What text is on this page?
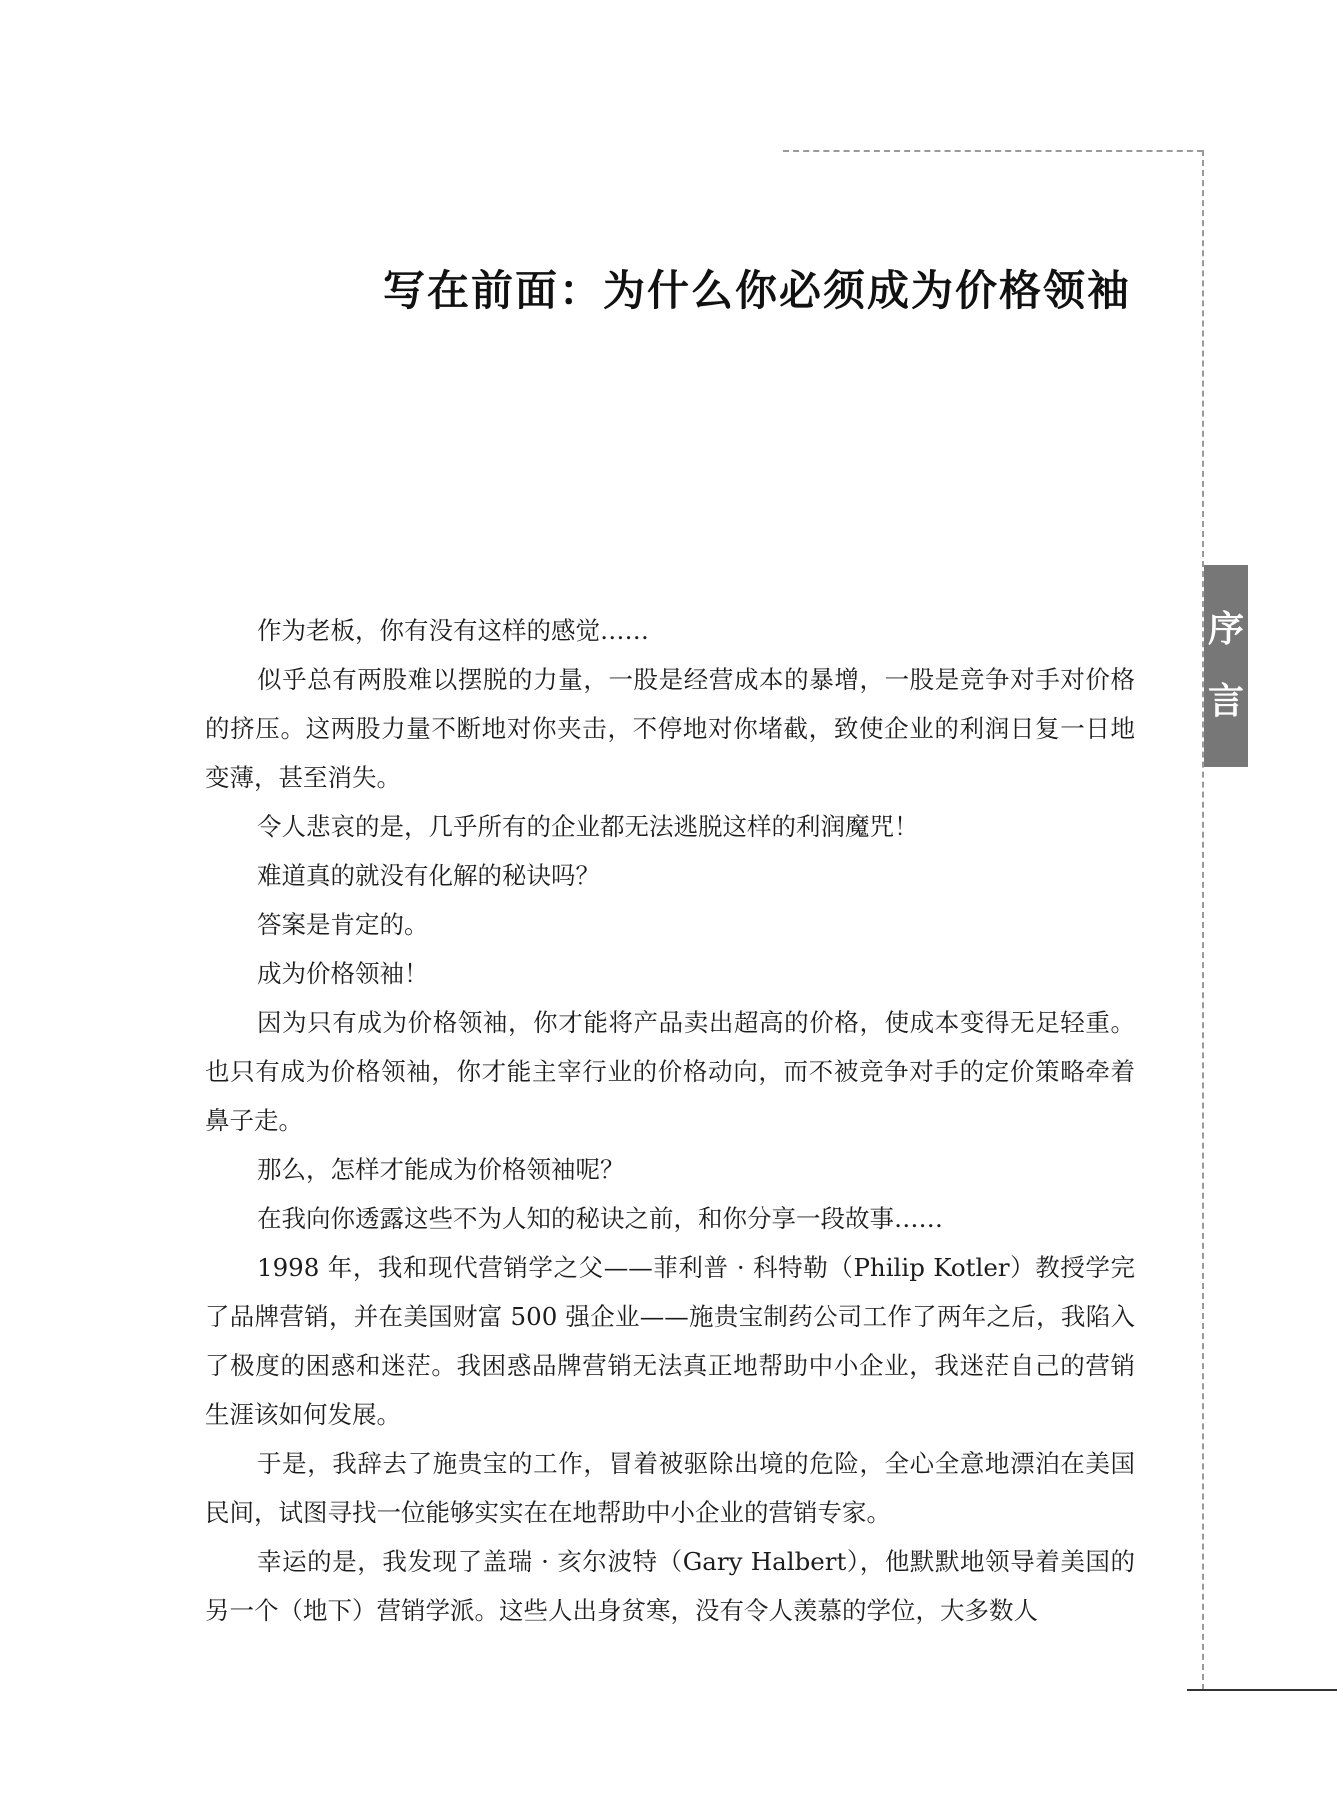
写在前面：为什么你必须成为价格领袖
序
言

作为老板，你有没有这样的感觉……

似乎总有两股难以摆脱的力量，一股是经营成本的暴增，一股是竞争对手对价格的挤压。这两股力量不断地对你夹击，不停地对你堵截，致使企业的利润日复一日地变薄，甚至消失。

令人悲哀的是，几乎所有的企业都无法逃脱这样的利润魔咒！

难道真的就没有化解的秘诀吗？

答案是肯定的。

成为价格领袖！

因为只有成为价格领袖，你才能将产品卖出超高的价格，使成本变得无足轻重。也只有成为价格领袖，你才能主宰行业的价格动向，而不被竞争对手的定价策略牵着鼻子走。

那么，怎样才能成为价格领袖呢？

在我向你透露这些不为人知的秘诀之前，和你分享一段故事……

1998 年，我和现代营销学之父——菲利普 · 科特勒（Philip Kotler）教授学完了品牌营销，并在美国财富 500 强企业——施贵宝制药公司工作了两年之后，我陷入了极度的困惑和迷茫。我困惑品牌营销无法真正地帮助中小企业，我迷茫自己的营销生涯该如何发展。

于是，我辞去了施贵宝的工作，冒着被驱除出境的危险，全心全意地漂泊在美国民间，试图寻找一位能够实实在在地帮助中小企业的营销专家。

幸运的是，我发现了盖瑞 · 亥尔波特（Gary Halbert），他默默地领导着美国的另一个（地下）营销学派。这些人出身贫寒，没有令人羡慕的学位，大多数人
